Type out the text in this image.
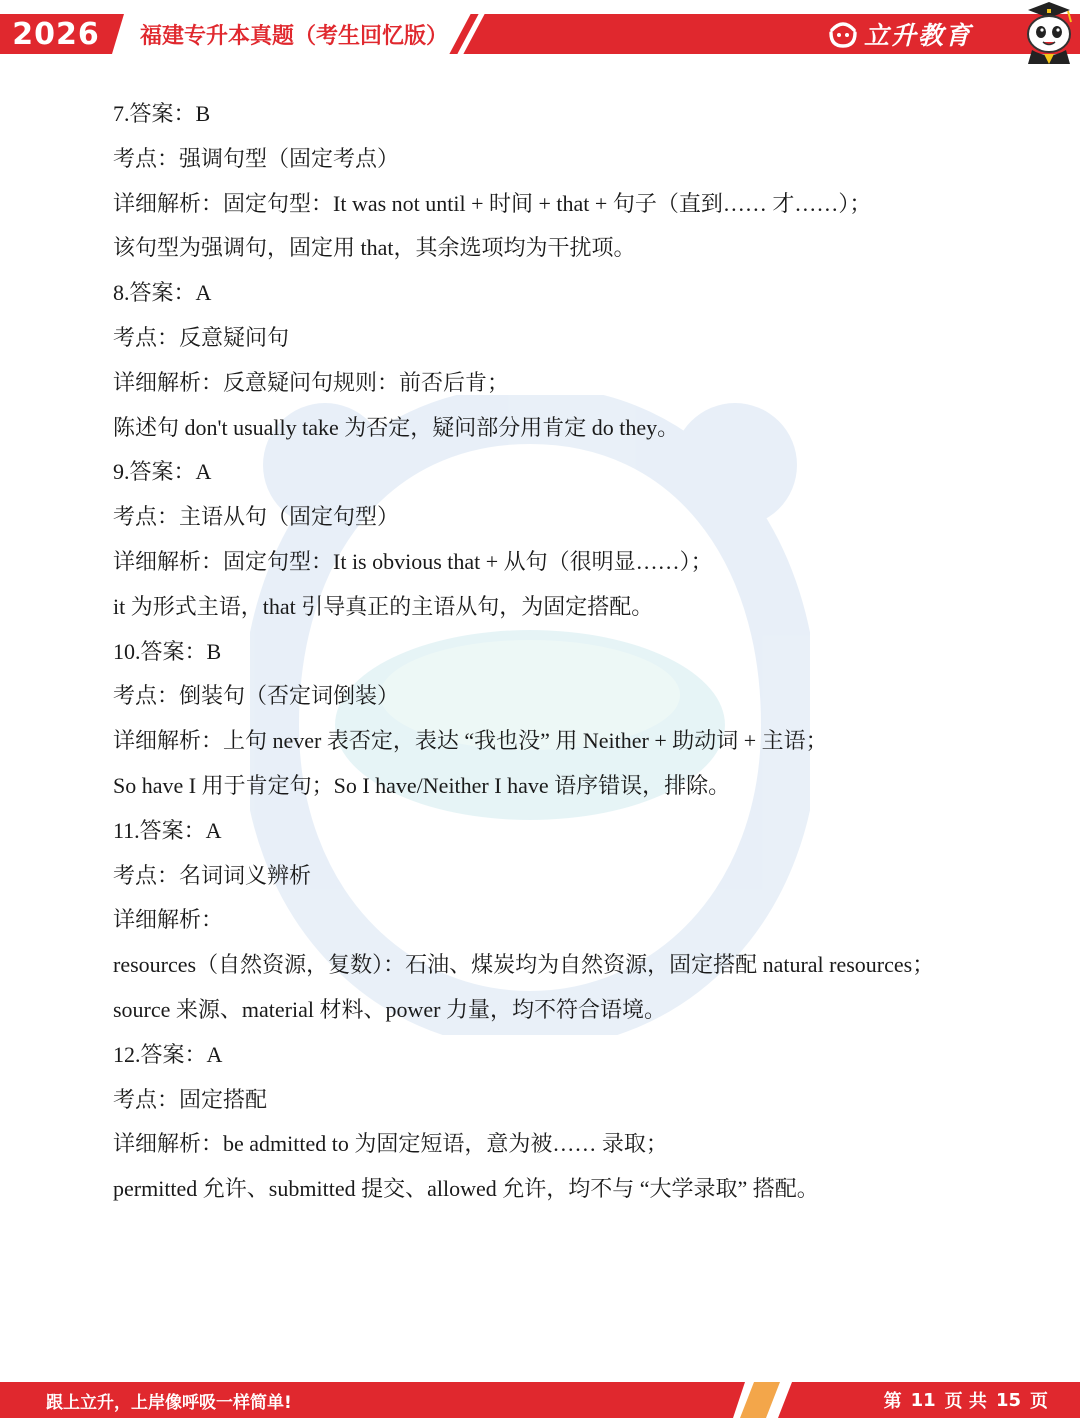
2026	福建专升本真题（考生回忆版）	立升教育
7.答案：B
考点：强调句型（固定考点）
详细解析：固定句型：It was not until + 时间 + that + 句子（直到…… 才……）；
该句型为强调句，固定用 that，其余选项均为干扰项。
8.答案：A
考点：反意疑问句
详细解析：反意疑问句规则：前否后肯；
陈述句 don't usually take 为否定，疑问部分用肯定 do they。
9.答案：A
考点：主语从句（固定句型）
详细解析：固定句型：It is obvious that + 从句（很明显……）；
it 为形式主语，that 引导真正的主语从句，为固定搭配。
10.答案：B
考点：倒装句（否定词倒装）
详细解析：上句 never 表否定，表达 “我也没” 用 Neither + 助动词 + 主语；
So have I 用于肯定句；So I have/Neither I have 语序错误，排除。
11.答案：A
考点：名词词义辨析
详细解析：
resources（自然资源，复数）：石油、煤炭均为自然资源，固定搭配 natural resources；
source 来源、material 材料、power 力量，均不符合语境。
12.答案：A
考点：固定搭配
详细解析：be admitted to 为固定短语，意为被…… 录取；
permitted 允许、submitted 提交、allowed 允许，均不与 “大学录取” 搭配。
跟上立升，上岸像呼吸一样简单!	第 11 页 共 15 页
